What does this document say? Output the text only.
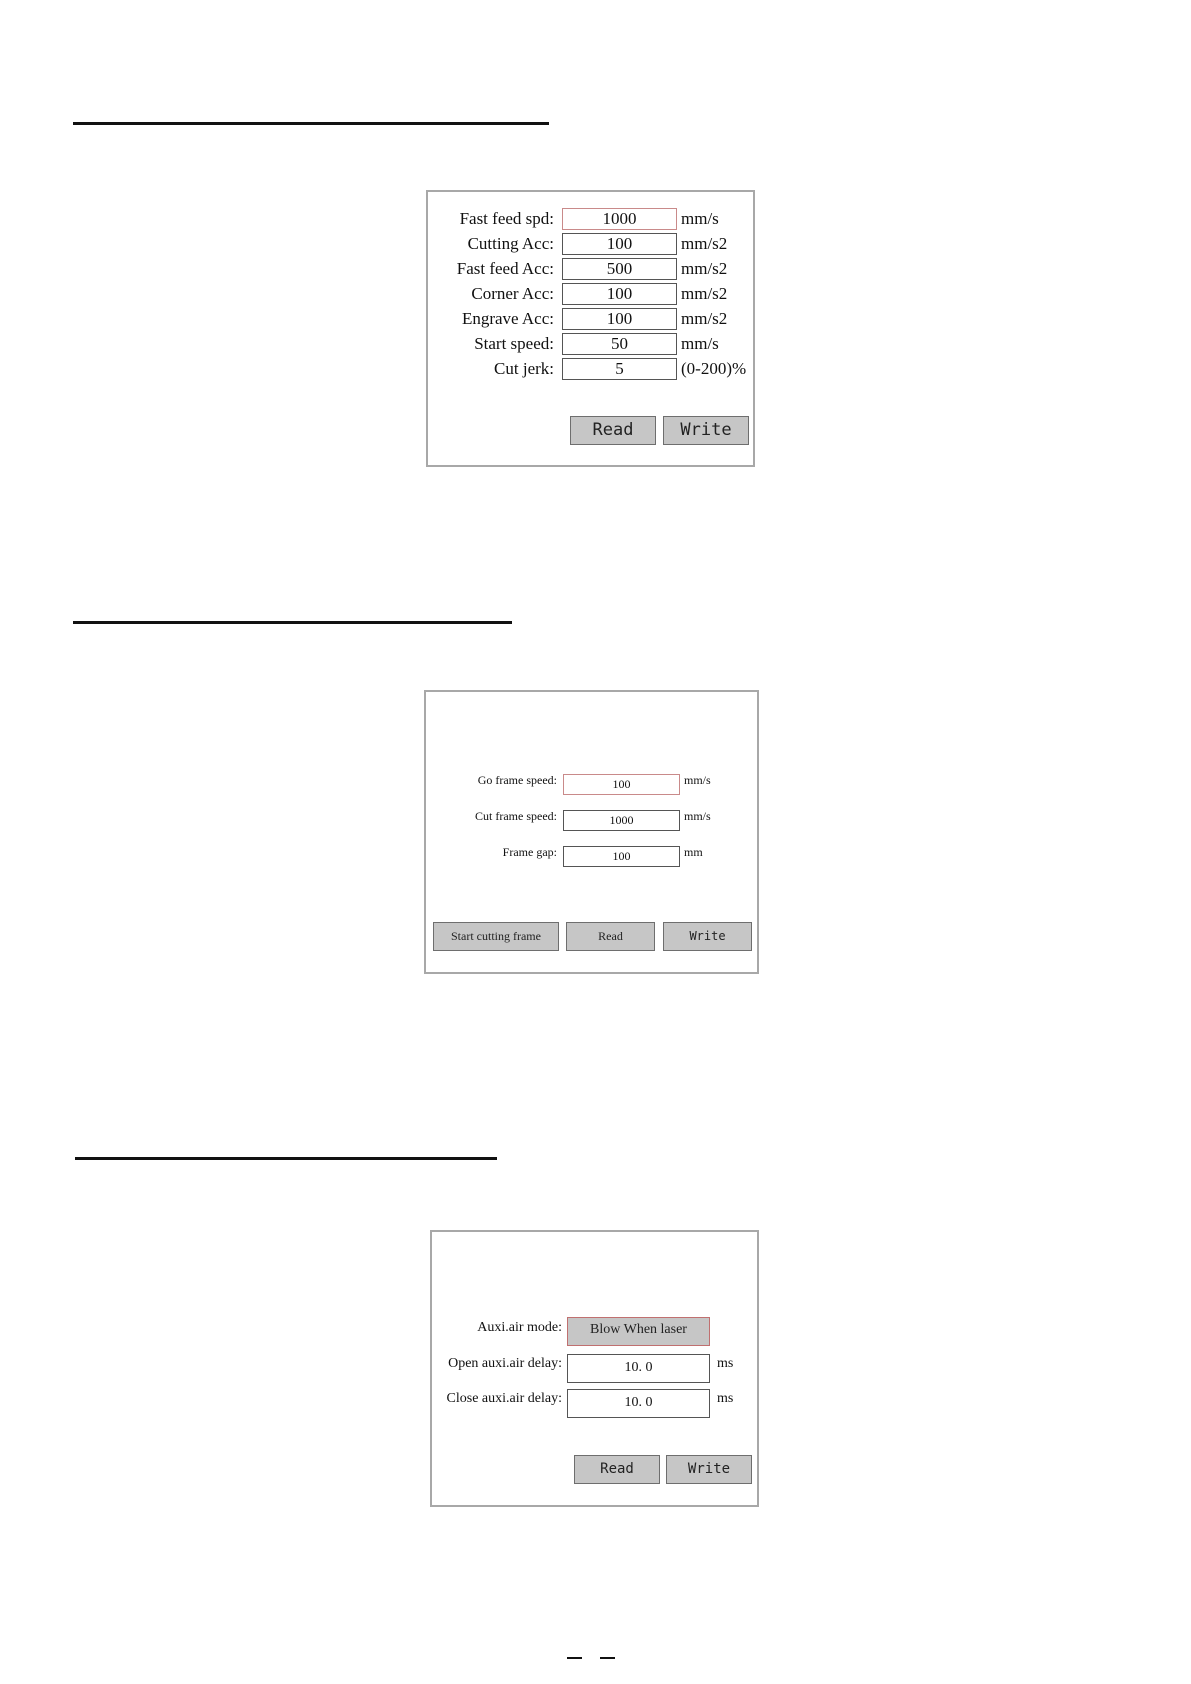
Fast feed spd:	1000	mm/s
Cutting Acc:	100	mm/s2
Fast feed Acc:	500	mm/s2
Corner Acc:	100	mm/s2
Engrave Acc:	100	mm/s2
Start speed:	50	mm/s
Cut jerk:	5	(0-200)%
Read	Write
Go frame speed:	100	mm/s
Cut frame speed:	1000	mm/s
Frame gap:	100	mm
Start cutting frame	Read	Write
Auxi.air mode:	Blow When laser
Open auxi.air delay:	10. 0	ms
Close auxi.air delay:	10. 0	ms
Read	Write
